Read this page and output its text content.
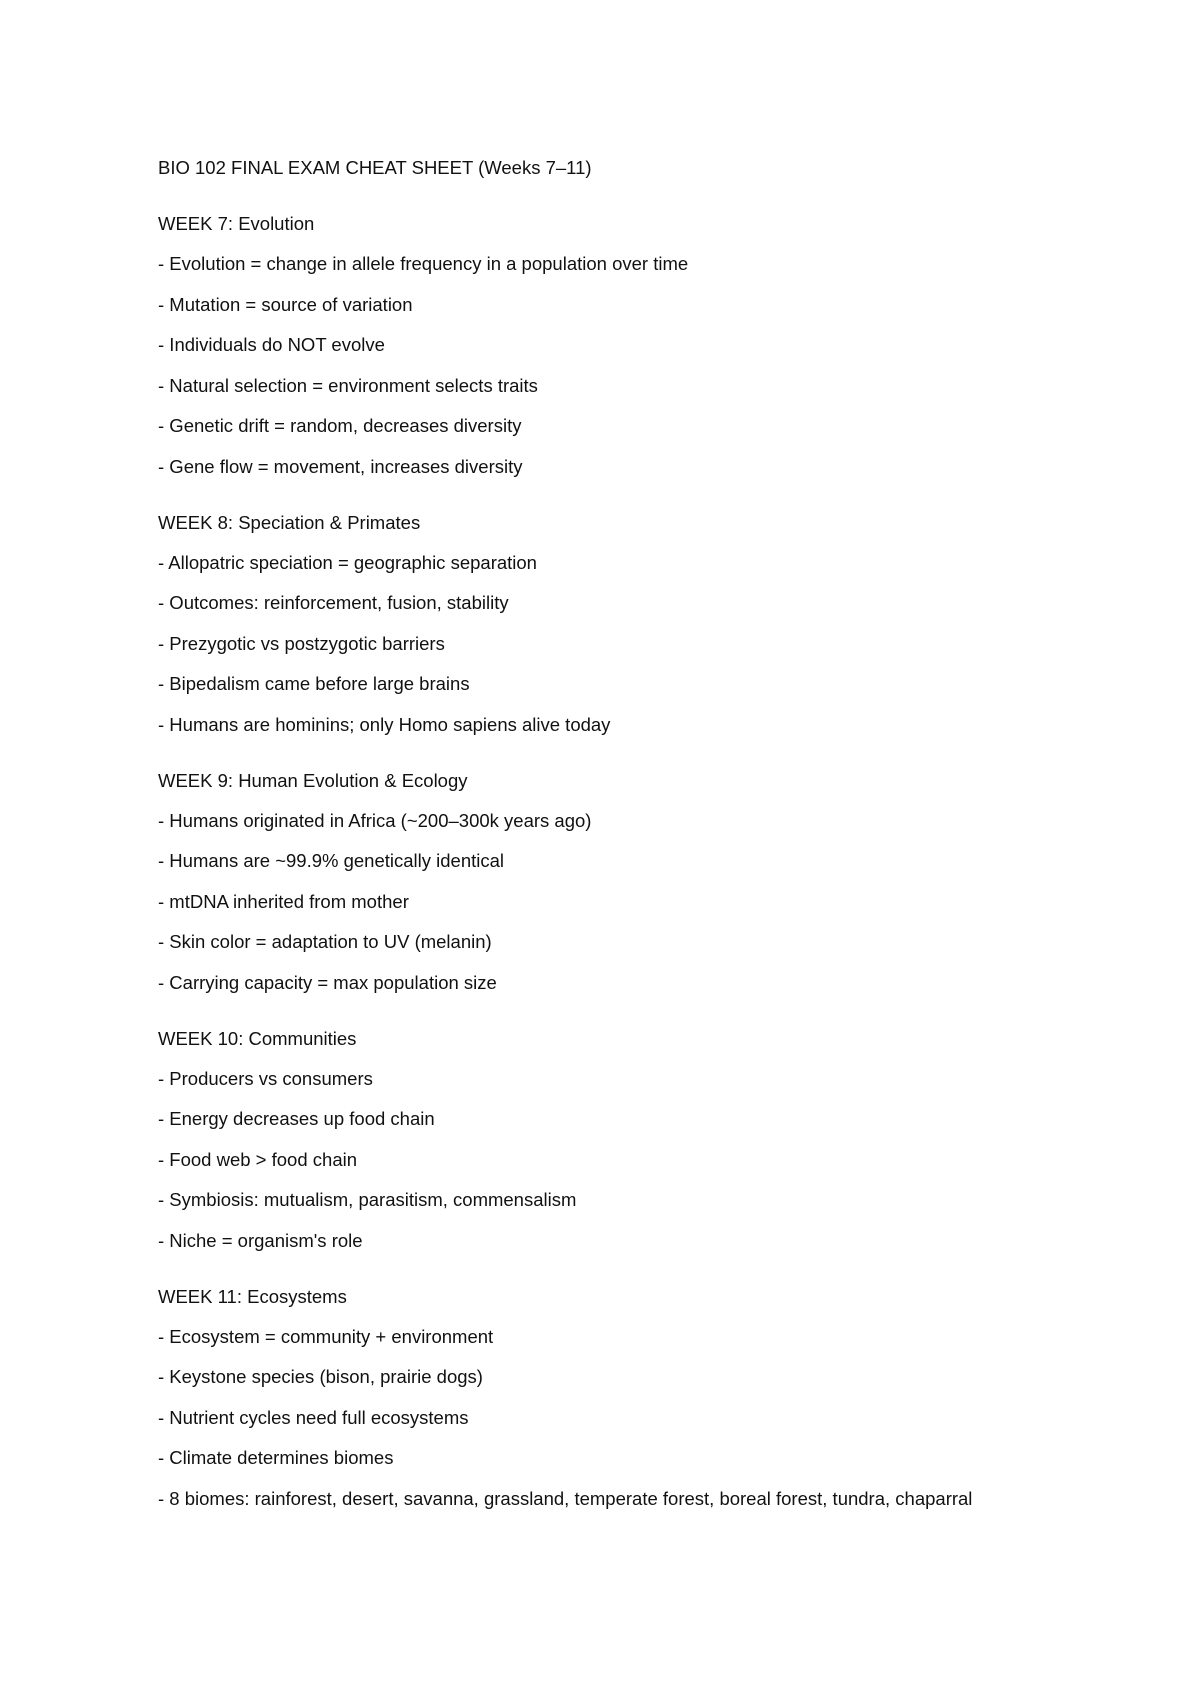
BIO 102 FINAL EXAM CHEAT SHEET (Weeks 7–11)
WEEK 7: Evolution
- Evolution = change in allele frequency in a population over time
- Mutation = source of variation
- Individuals do NOT evolve
- Natural selection = environment selects traits
- Genetic drift = random, decreases diversity
- Gene flow = movement, increases diversity
WEEK 8: Speciation & Primates
- Allopatric speciation = geographic separation
- Outcomes: reinforcement, fusion, stability
- Prezygotic vs postzygotic barriers
- Bipedalism came before large brains
- Humans are hominins; only Homo sapiens alive today
WEEK 9: Human Evolution & Ecology
- Humans originated in Africa (~200–300k years ago)
- Humans are ~99.9% genetically identical
- mtDNA inherited from mother
- Skin color = adaptation to UV (melanin)
- Carrying capacity = max population size
WEEK 10: Communities
- Producers vs consumers
- Energy decreases up food chain
- Food web > food chain
- Symbiosis: mutualism, parasitism, commensalism
- Niche = organism's role
WEEK 11: Ecosystems
- Ecosystem = community + environment
- Keystone species (bison, prairie dogs)
- Nutrient cycles need full ecosystems
- Climate determines biomes
- 8 biomes: rainforest, desert, savanna, grassland, temperate forest, boreal forest, tundra, chaparral
